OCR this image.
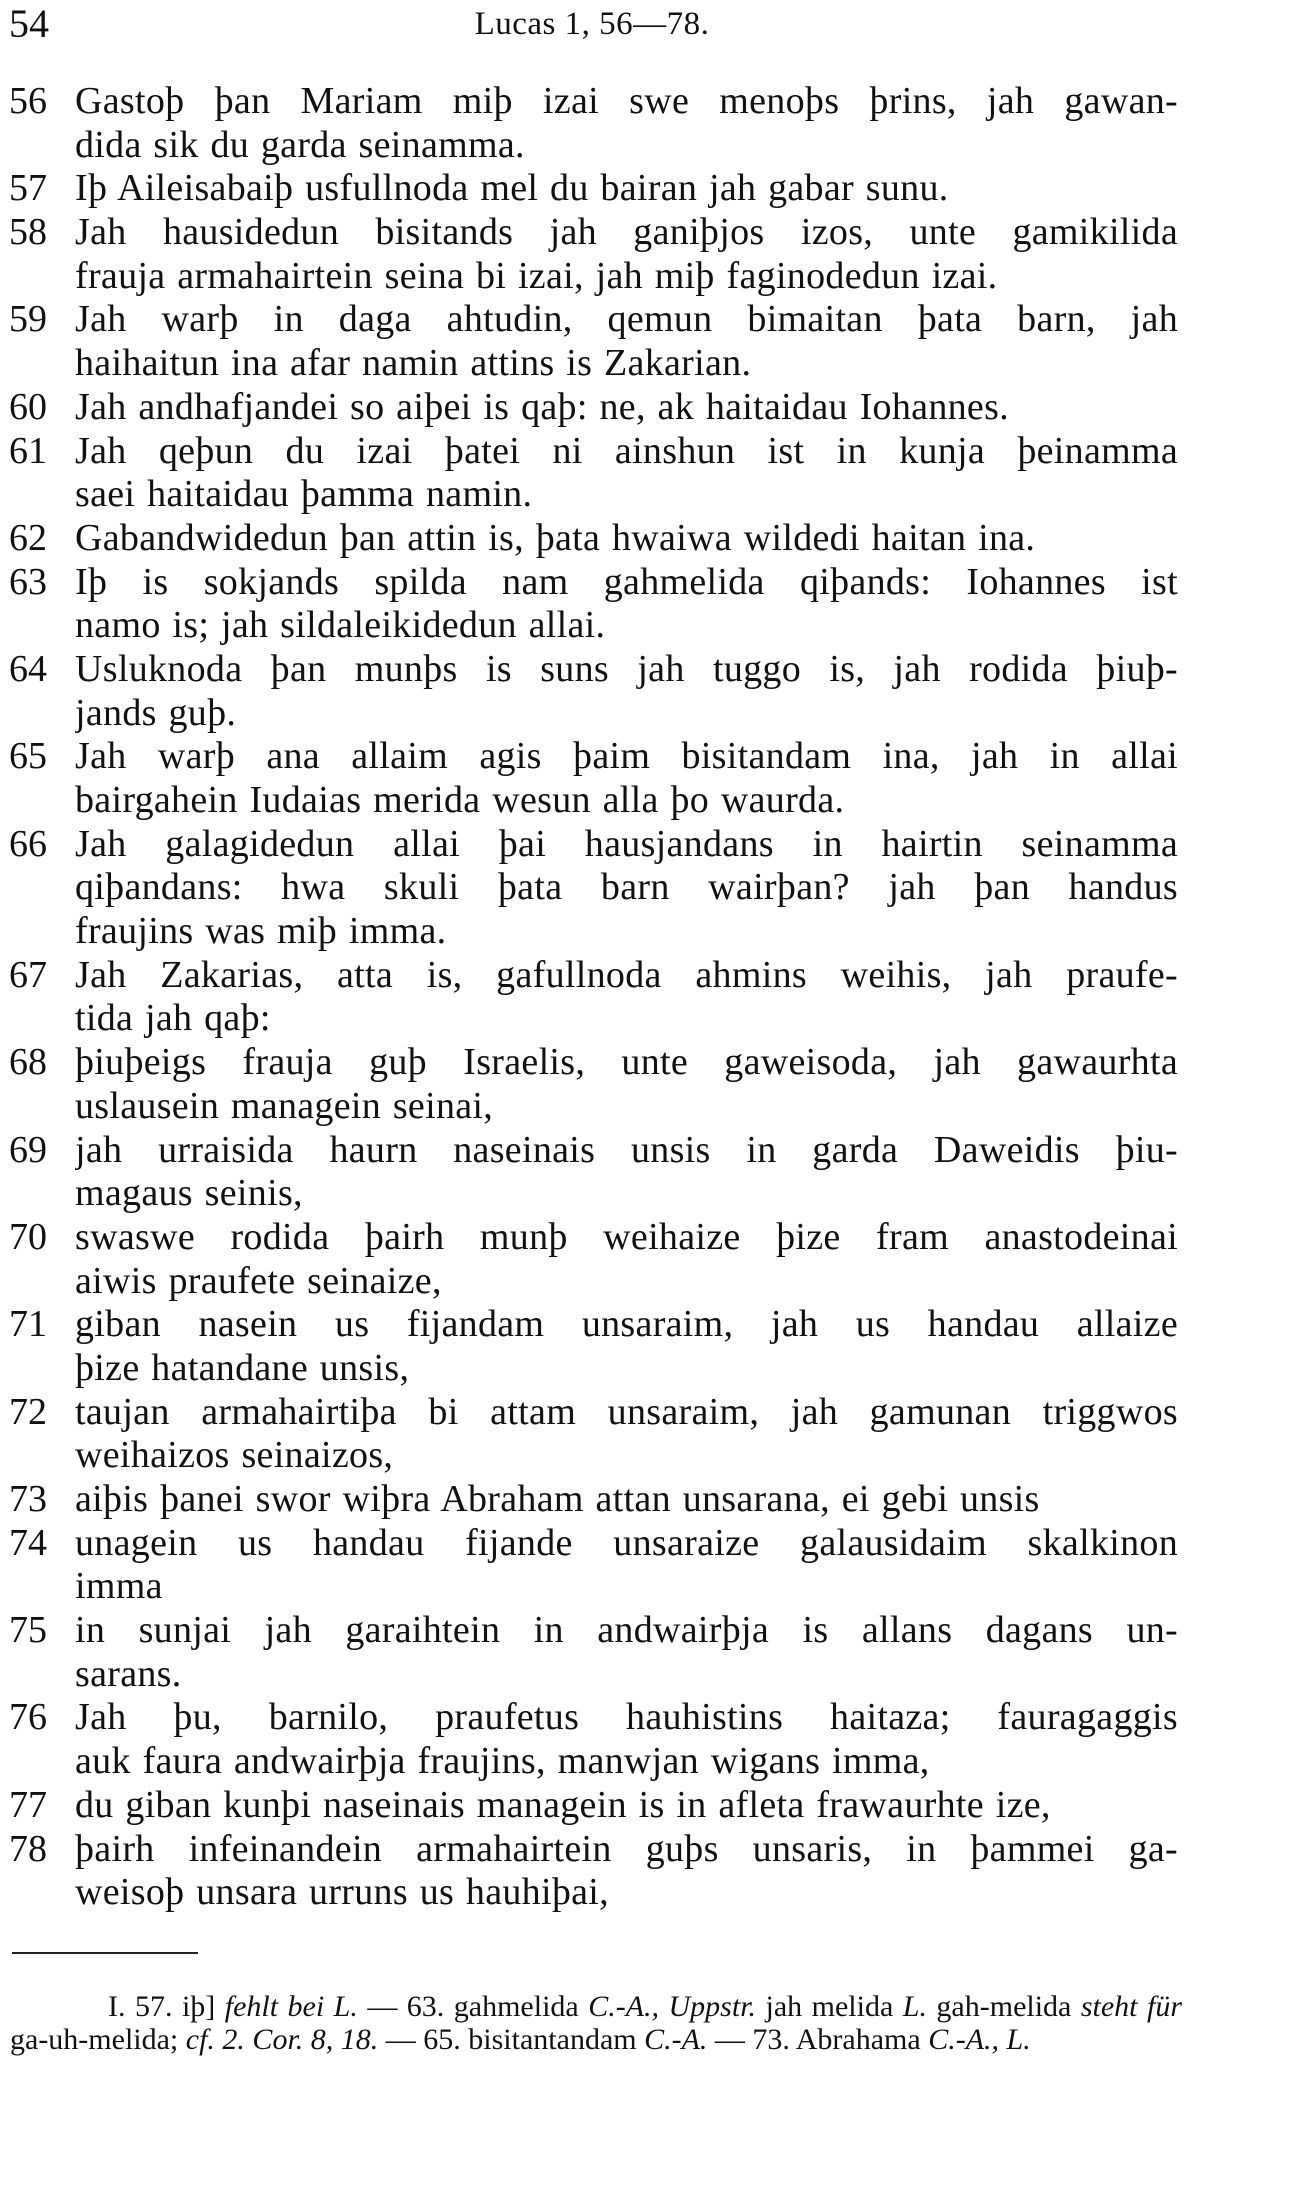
54	Lucas 1, 56—78.
56 Gastoþ þan Mariam miþ izai swe menoþs þrins, jah gawan-
dida sik du garda seinamma.
57 Iþ Aileisabaiþ usfullnoda mel du bairan jah gabar sunu.
58 Jah hausidedun bisitands jah ganiþjos izos, unte gamikilida
frauja armahairtein seina bi izai, jah miþ faginodedun izai.
59 Jah warþ in daga ahtudin, qemun bimaitan þata barn, jah
haihaitun ina afar namin attins is Zakarian.
60 Jah andhafjandei so aiþei is qaþ: ne, ak haitaidau Iohannes.
61 Jah qeþun du izai þatei ni ainshun ist in kunja þeinamma
saei haitaidau þamma namin.
62 Gabandwidedun þan attin is, þata hwaiwa wildedi haitan ina.
63 Iþ is sokjands spilda nam gahmelida qiþands: Iohannes ist
namo is; jah sildaleikidedun allai.
64 Usluknoda þan munþs is suns jah tuggo is, jah rodida þiuþ-
jands guþ.
65 Jah warþ ana allaim agis þaim bisitandam ina, jah in allai
bairgahein Iudaias merida wesun alla þo waurda.
66 Jah galagidedun allai þai hausjandans in hairtin seinamma
qiþandans: hwa skuli þata barn wairþan? jah þan handus
fraujins was miþ imma.
67 Jah Zakarias, atta is, gafullnoda ahmins weihis, jah praufe-
tida jah qaþ:
68 þiuþeigs frauja guþ Israelis, unte gaweisoda, jah gawaurhta
uslausein managein seinai,
69 jah urraisida haurn naseinais unsis in garda Daweidis þiu-
magaus seinis,
70 swaswe rodida þairh munþ weihaize þize fram anastodeinai
aiwis praufete seinaize,
71 giban nasein us fijandam unsaraim, jah us handau allaize
þize hatandane unsis,
72 taujan armahairtiþa bi attam unsaraim, jah gamunan triggwos
weihaizos seinaizos,
73 aiþis þanei swor wiþra Abraham attan unsarana, ei gebi unsis
74 unagein us handau fijande unsaraize galausidaim skalkinon
imma
75 in sunjai jah garaihtein in andwairþja is allans dagans un-
sarans.
76 Jah þu, barnilo, praufetus hauhistins haitaza; fauragaggis
auk faura andwairþja fraujins, manwjan wigans imma,
77 du giban kunþi naseinais managein is in afleta frawaurhte ize,
78 þairh infeinandein armahairtein guþs unsaris, in þammei ga-
weisoþ unsara urruns us hauhiþai,
I. 57. iþ] fehlt bei L. — 63. gahmelida C.-A., Uppstr. jah melida L. gah-melida steht für ga-uh-melida; cf. 2. Cor. 8, 18. — 65. bisitantandam C.-A. — 73. Abrahama C.-A., L.
